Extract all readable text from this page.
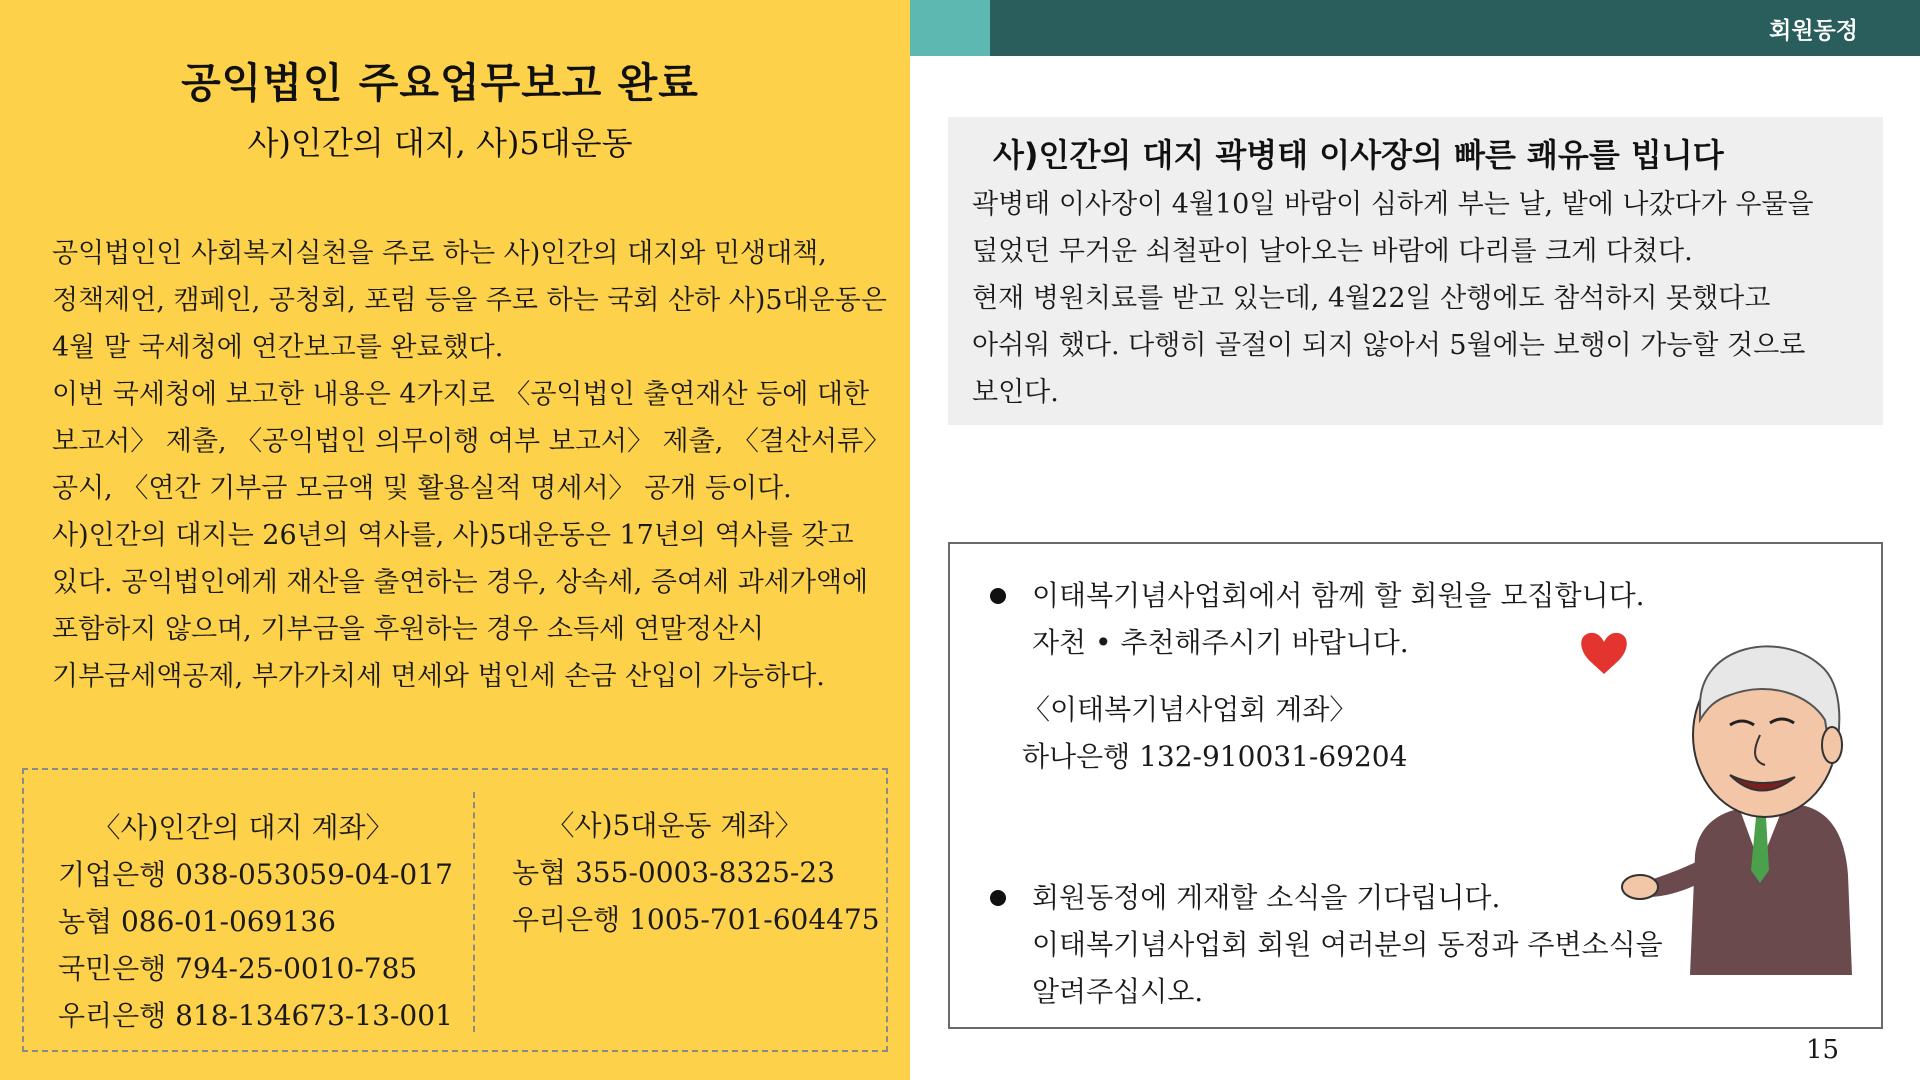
공익법인 주요업무보고 완료
사)인간의 대지, 사)5대운동
공익법인인 사회복지실천을 주로 하는 사)인간의 대지와 민생대책,
정책제언, 캠페인, 공청회, 포럼 등을 주로 하는 국회 산하 사)5대운동은
4월 말 국세청에 연간보고를 완료했다.
이번 국세청에 보고한 내용은 4가지로 〈공익법인 출연재산 등에 대한
보고서〉 제출, 〈공익법인 의무이행 여부 보고서〉 제출, 〈결산서류〉
공시, 〈연간 기부금 모금액 및 활용실적 명세서〉 공개 등이다.
사)인간의 대지는 26년의 역사를, 사)5대운동은 17년의 역사를 갖고
있다. 공익법인에게 재산을 출연하는 경우, 상속세, 증여세 과세가액에
포함하지 않으며, 기부금을 후원하는 경우 소득세 연말정산시
기부금세액공제, 부가가치세 면세와 법인세 손금 산입이 가능하다.
〈사)인간의 대지 계좌〉
기업은행 038-053059-04-017
농협 086-01-069136
국민은행 794-25-0010-785
우리은행 818-134673-13-001
〈사)5대운동 계좌〉
농협 355-0003-8325-23
우리은행 1005-701-604475
회원동정
사)인간의 대지 곽병태 이사장의 빠른 쾌유를 빕니다
곽병태 이사장이 4월10일 바람이 심하게 부는 날, 밭에 나갔다가 우물을
덮었던 무거운 쇠철판이 날아오는 바람에 다리를 크게 다쳤다.
현재 병원치료를 받고 있는데, 4월22일 산행에도 참석하지 못했다고
아쉬워 했다. 다행히 골절이 되지 않아서 5월에는 보행이 가능할 것으로
보인다.
이태복기념사업회에서 함께 할 회원을 모집합니다.
자천 • 추천해주시기 바랍니다.
〈이태복기념사업회 계좌〉
하나은행 132-910031-69204
회원동정에 게재할 소식을 기다립니다.
이태복기념사업회 회원 여러분의 동정과 주변소식을
알려주십시오.
15
